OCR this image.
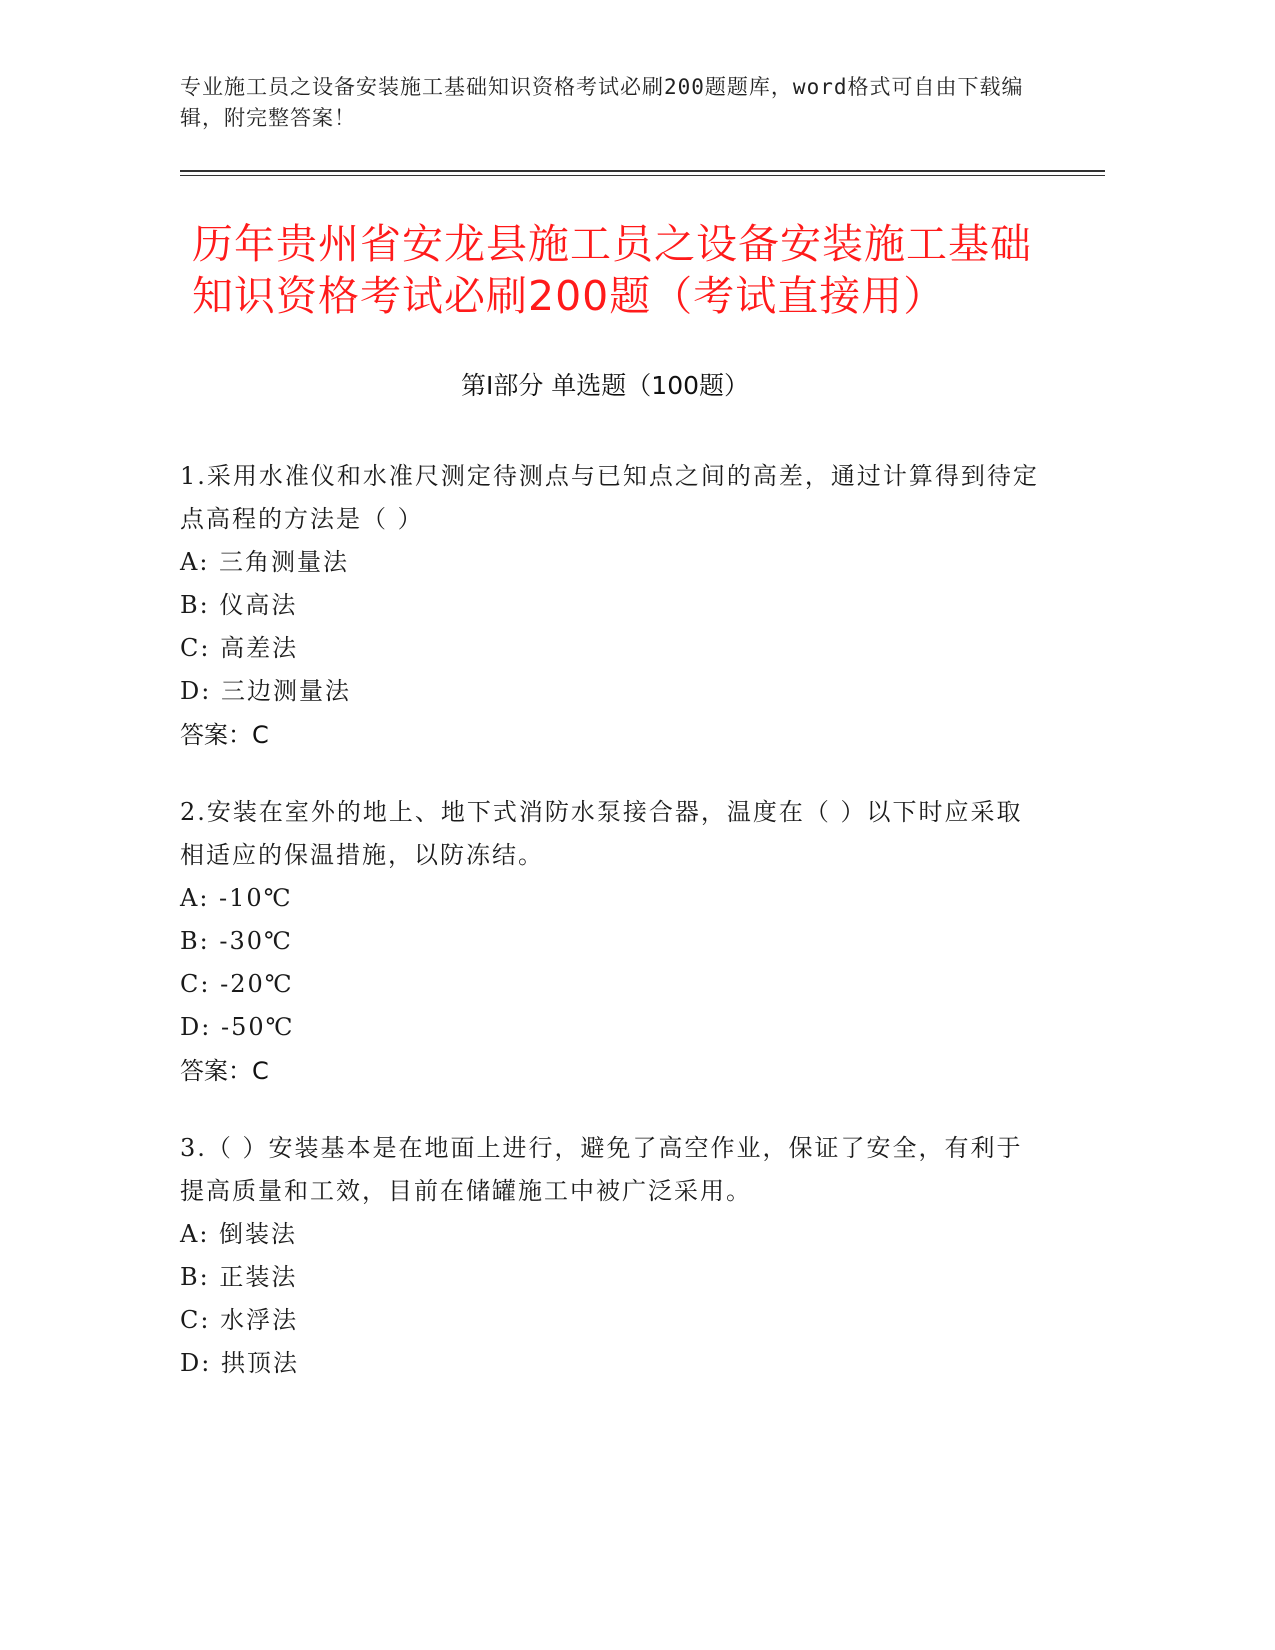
专业施工员之设备安装施工基础知识资格考试必刷200题题库，word格式可自由下载编辑，附完整答案！
历年贵州省安龙县施工员之设备安装施工基础知识资格考试必刷200题（考试直接用）
第Ⅰ部分 单选题（100题）

1.采用水准仪和水准尺测定待测点与已知点之间的高差，通过计算得到待定点高程的方法是（ ）

A: 三角测量法
B: 仪高法
C: 高差法
D: 三边测量法
答案：C

2.安装在室外的地上、地下式消防水泵接合器，温度在（ ）以下时应采取相适应的保温措施，以防冻结。

A: -10℃
B: -30℃
C: -20℃
D: -50℃
答案：C

3.（ ）安装基本是在地面上进行，避免了高空作业，保证了安全，有利于提高质量和工效，目前在储罐施工中被广泛采用。

A: 倒装法
B: 正装法
C: 水浮法
D: 拱顶法
